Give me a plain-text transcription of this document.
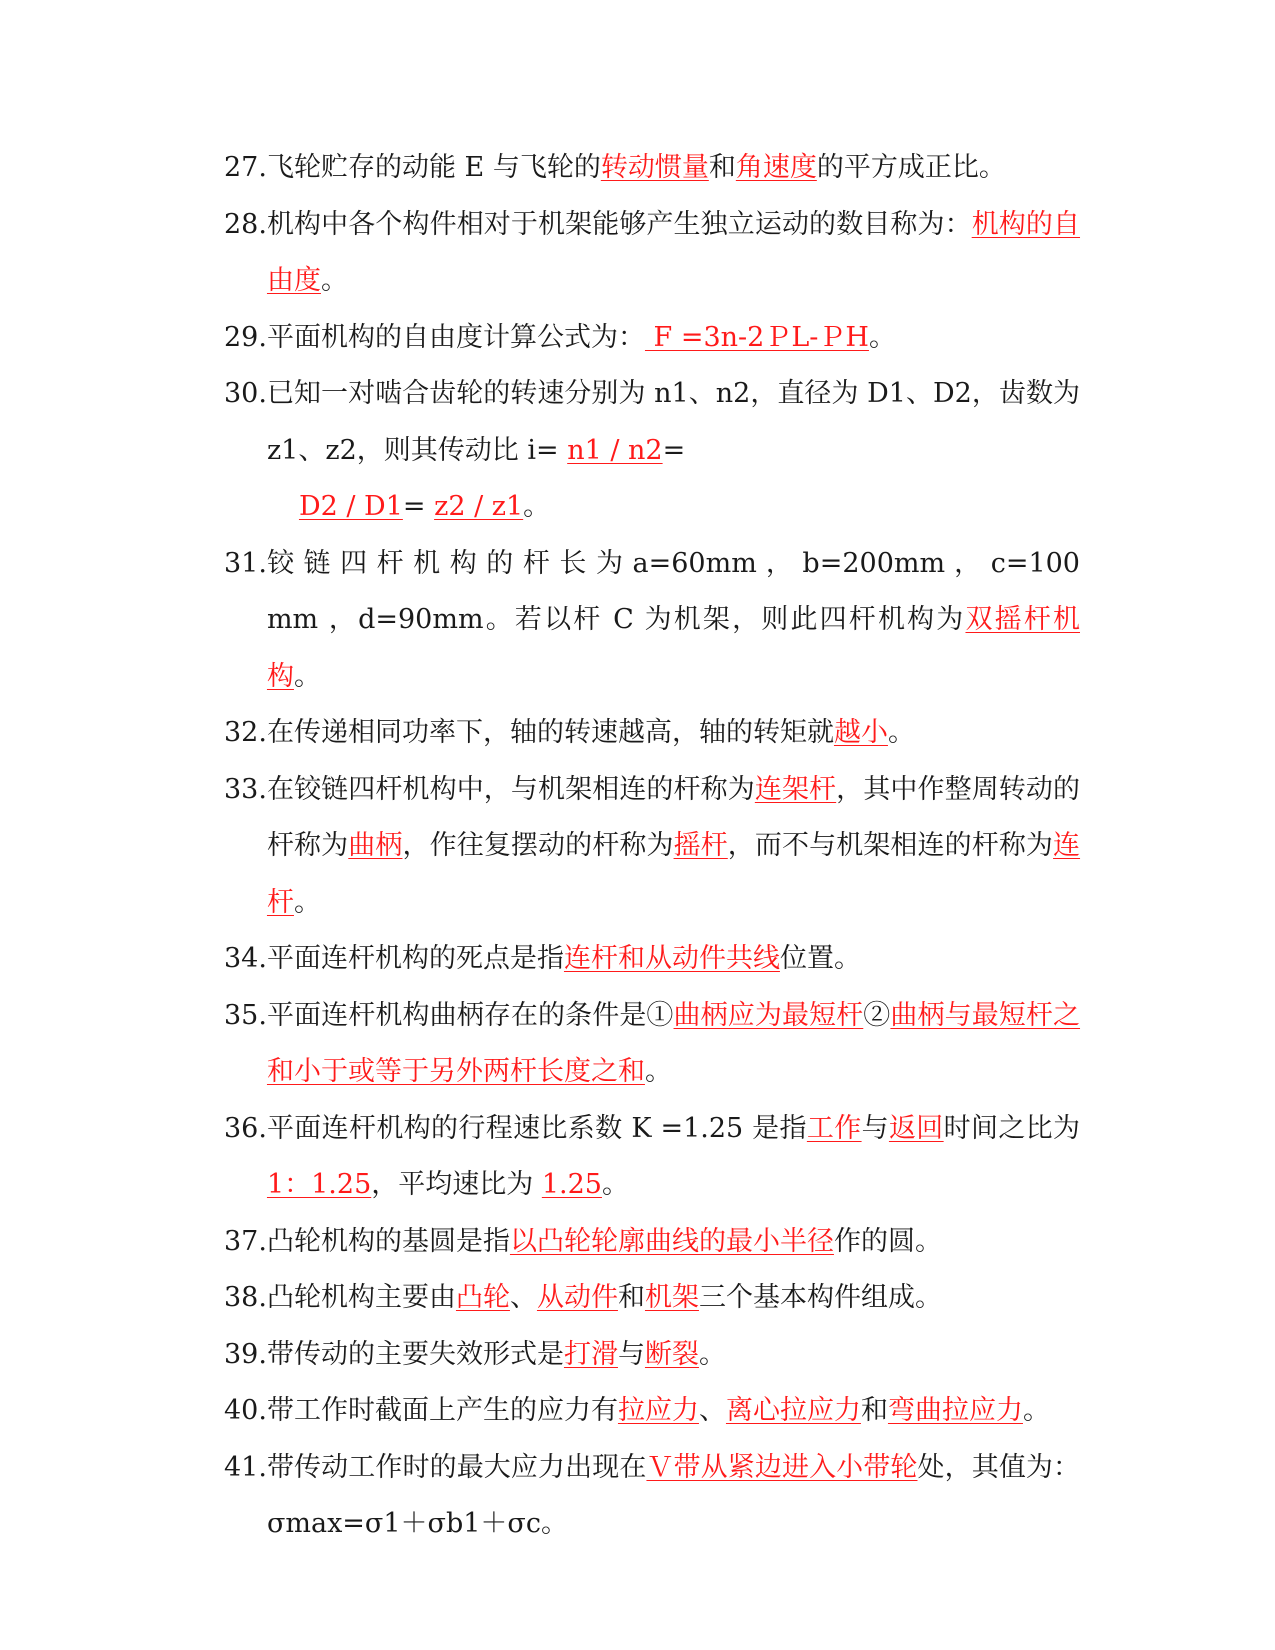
27. 飞轮贮存的动能 E 与飞轮的转动惯量和角速度的平方成正比。
28. 机构中各个构件相对于机架能够产生独立运动的数目称为：机构的自由度。
29. 平面机构的自由度计算公式为： F =3n-2ＰL-ＰH。
30. 已知一对啮合齿轮的转速分别为 n1、n2，直径为 D1、D2，齿数为 z1、z2，则其传动比 i= n1 / n2=
D2 / D1= z2 / z1。
31. 铰 链 四 杆 机 构 的 杆 长 为 a=60mm ， b=200mm ， c=100mm ，d=90mm。若以杆 C 为机架，则此四杆机构为双摇杆机构。
32. 在传递相同功率下，轴的转速越高，轴的转矩就越小。
33. 在铰链四杆机构中，与机架相连的杆称为连架杆，其中作整周转动的杆称为曲柄，作往复摆动的杆称为摇杆，而不与机架相连的杆称为连杆。
34. 平面连杆机构的死点是指连杆和从动件共线位置。
35. 平面连杆机构曲柄存在的条件是①曲柄应为最短杆②曲柄与最短杆之和小于或等于另外两杆长度之和。
36. 平面连杆机构的行程速比系数 K =1.25 是指工作与返回时间之比为 1：1.25，平均速比为 1.25。
37. 凸轮机构的基圆是指以凸轮轮廓曲线的最小半径作的圆。
38. 凸轮机构主要由凸轮、从动件和机架三个基本构件组成。
39. 带传动的主要失效形式是打滑与断裂。
40. 带工作时截面上产生的应力有拉应力、离心拉应力和弯曲拉应力。
41. 带传动工作时的最大应力出现在Ｖ带从紧边进入小带轮处，其值为：σmax=σ1＋σb1＋σc。
